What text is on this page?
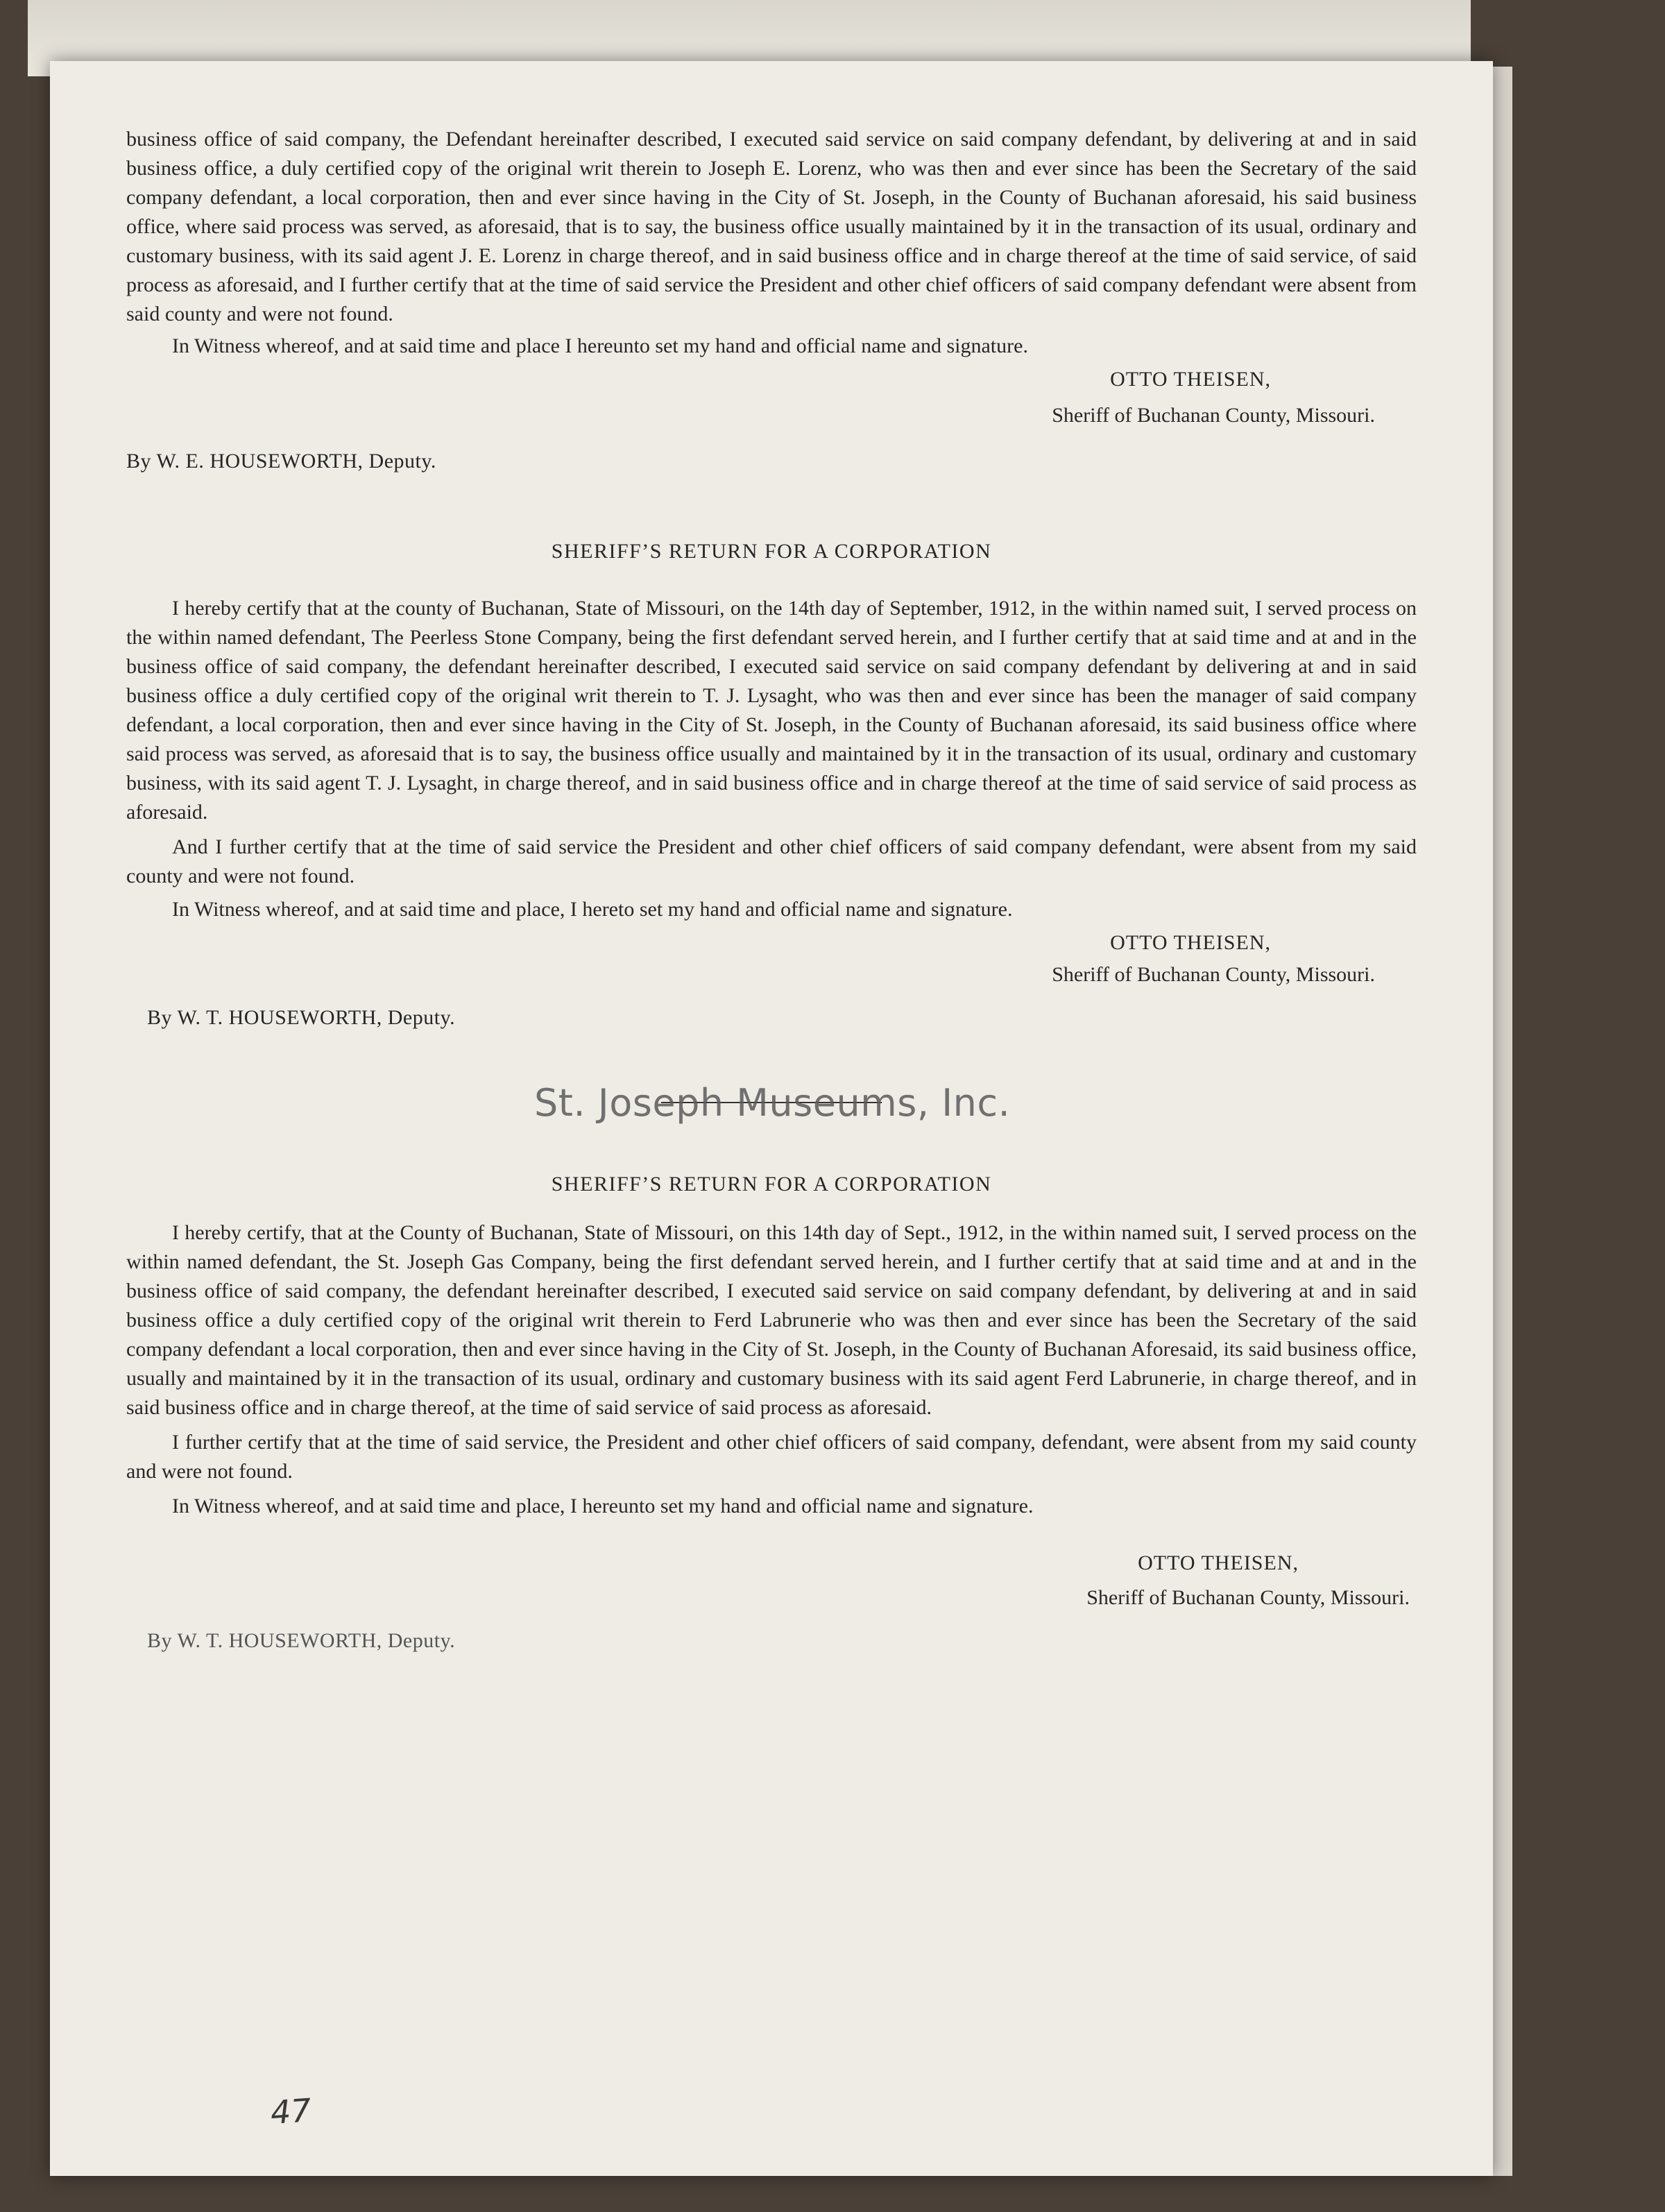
business office of said company, the Defendant hereinafter described, I executed said service on said company defendant, by delivering at and in said business office, a duly certified copy of the original writ therein to Joseph E. Lorenz, who was then and ever since has been the Secretary of the said company defendant, a local corporation, then and ever since having in the City of St. Joseph, in the County of Buchanan aforesaid, his said business office, where said process was served, as aforesaid, that is to say, the business office usually maintained by it in the transaction of its usual, ordinary and customary business, with its said agent J. E. Lorenz in charge thereof, and in said business office and in charge thereof at the time of said service, of said process as aforesaid, and I further certify that at the time of said service the President and other chief officers of said company defendant were absent from said county and were not found.

In Witness whereof, and at said time and place I hereunto set my hand and official name and signature.

OTTO THEISEN,

Sheriff of Buchanan County, Missouri.

By W. E. HOUSEWORTH, Deputy.

SHERIFF’S RETURN FOR A CORPORATION

I hereby certify that at the county of Buchanan, State of Missouri, on the 14th day of September, 1912, in the within named suit, I served process on the within named defendant, The Peerless Stone Company, being the first defendant served herein, and I further certify that at said time and at and in the business office of said company, the defendant hereinafter described, I executed said service on said company defendant by delivering at and in said business office a duly certified copy of the original writ therein to T. J. Lysaght, who was then and ever since has been the manager of said company defendant, a local corporation, then and ever since having in the City of St. Joseph, in the County of Buchanan aforesaid, its said business office where said process was served, as aforesaid that is to say, the business office usually and maintained by it in the transaction of its usual, ordinary and customary business, with its said agent T. J. Lysaght, in charge thereof, and in said business office and in charge thereof at the time of said service of said process as aforesaid.

And I further certify that at the time of said service the President and other chief officers of said company defendant, were absent from my said county and were not found.

In Witness whereof, and at said time and place, I hereto set my hand and official name and signature.

OTTO THEISEN,

Sheriff of Buchanan County, Missouri.

By W. T. HOUSEWORTH, Deputy.

SHERIFF’S RETURN FOR A CORPORATION

I hereby certify, that at the County of Buchanan, State of Missouri, on this 14th day of Sept., 1912, in the within named suit, I served process on the within named defendant, the St. Joseph Gas Company, being the first defendant served herein, and I further certify that at said time and at and in the business office of said company, the defendant hereinafter described, I executed said service on said company defendant, by delivering at and in said business office a duly certified copy of the original writ therein to Ferd Labrunerie who was then and ever since has been the Secretary of the said company defendant a local corporation, then and ever since having in the City of St. Joseph, in the County of Buchanan Aforesaid, its said business office, usually and maintained by it in the transaction of its usual, ordinary and customary business with its said agent Ferd Labrunerie, in charge thereof, and in said business office and in charge thereof, at the time of said service of said process as aforesaid.

I further certify that at the time of said service, the President and other chief officers of said company, defendant, were absent from my said county and were not found.

In Witness whereof, and at said time and place, I hereunto set my hand and official name and signature.

OTTO THEISEN,

Sheriff of Buchanan County, Missouri.

By W. T. HOUSEWORTH, Deputy.

47
St. Joseph Museums, Inc.
